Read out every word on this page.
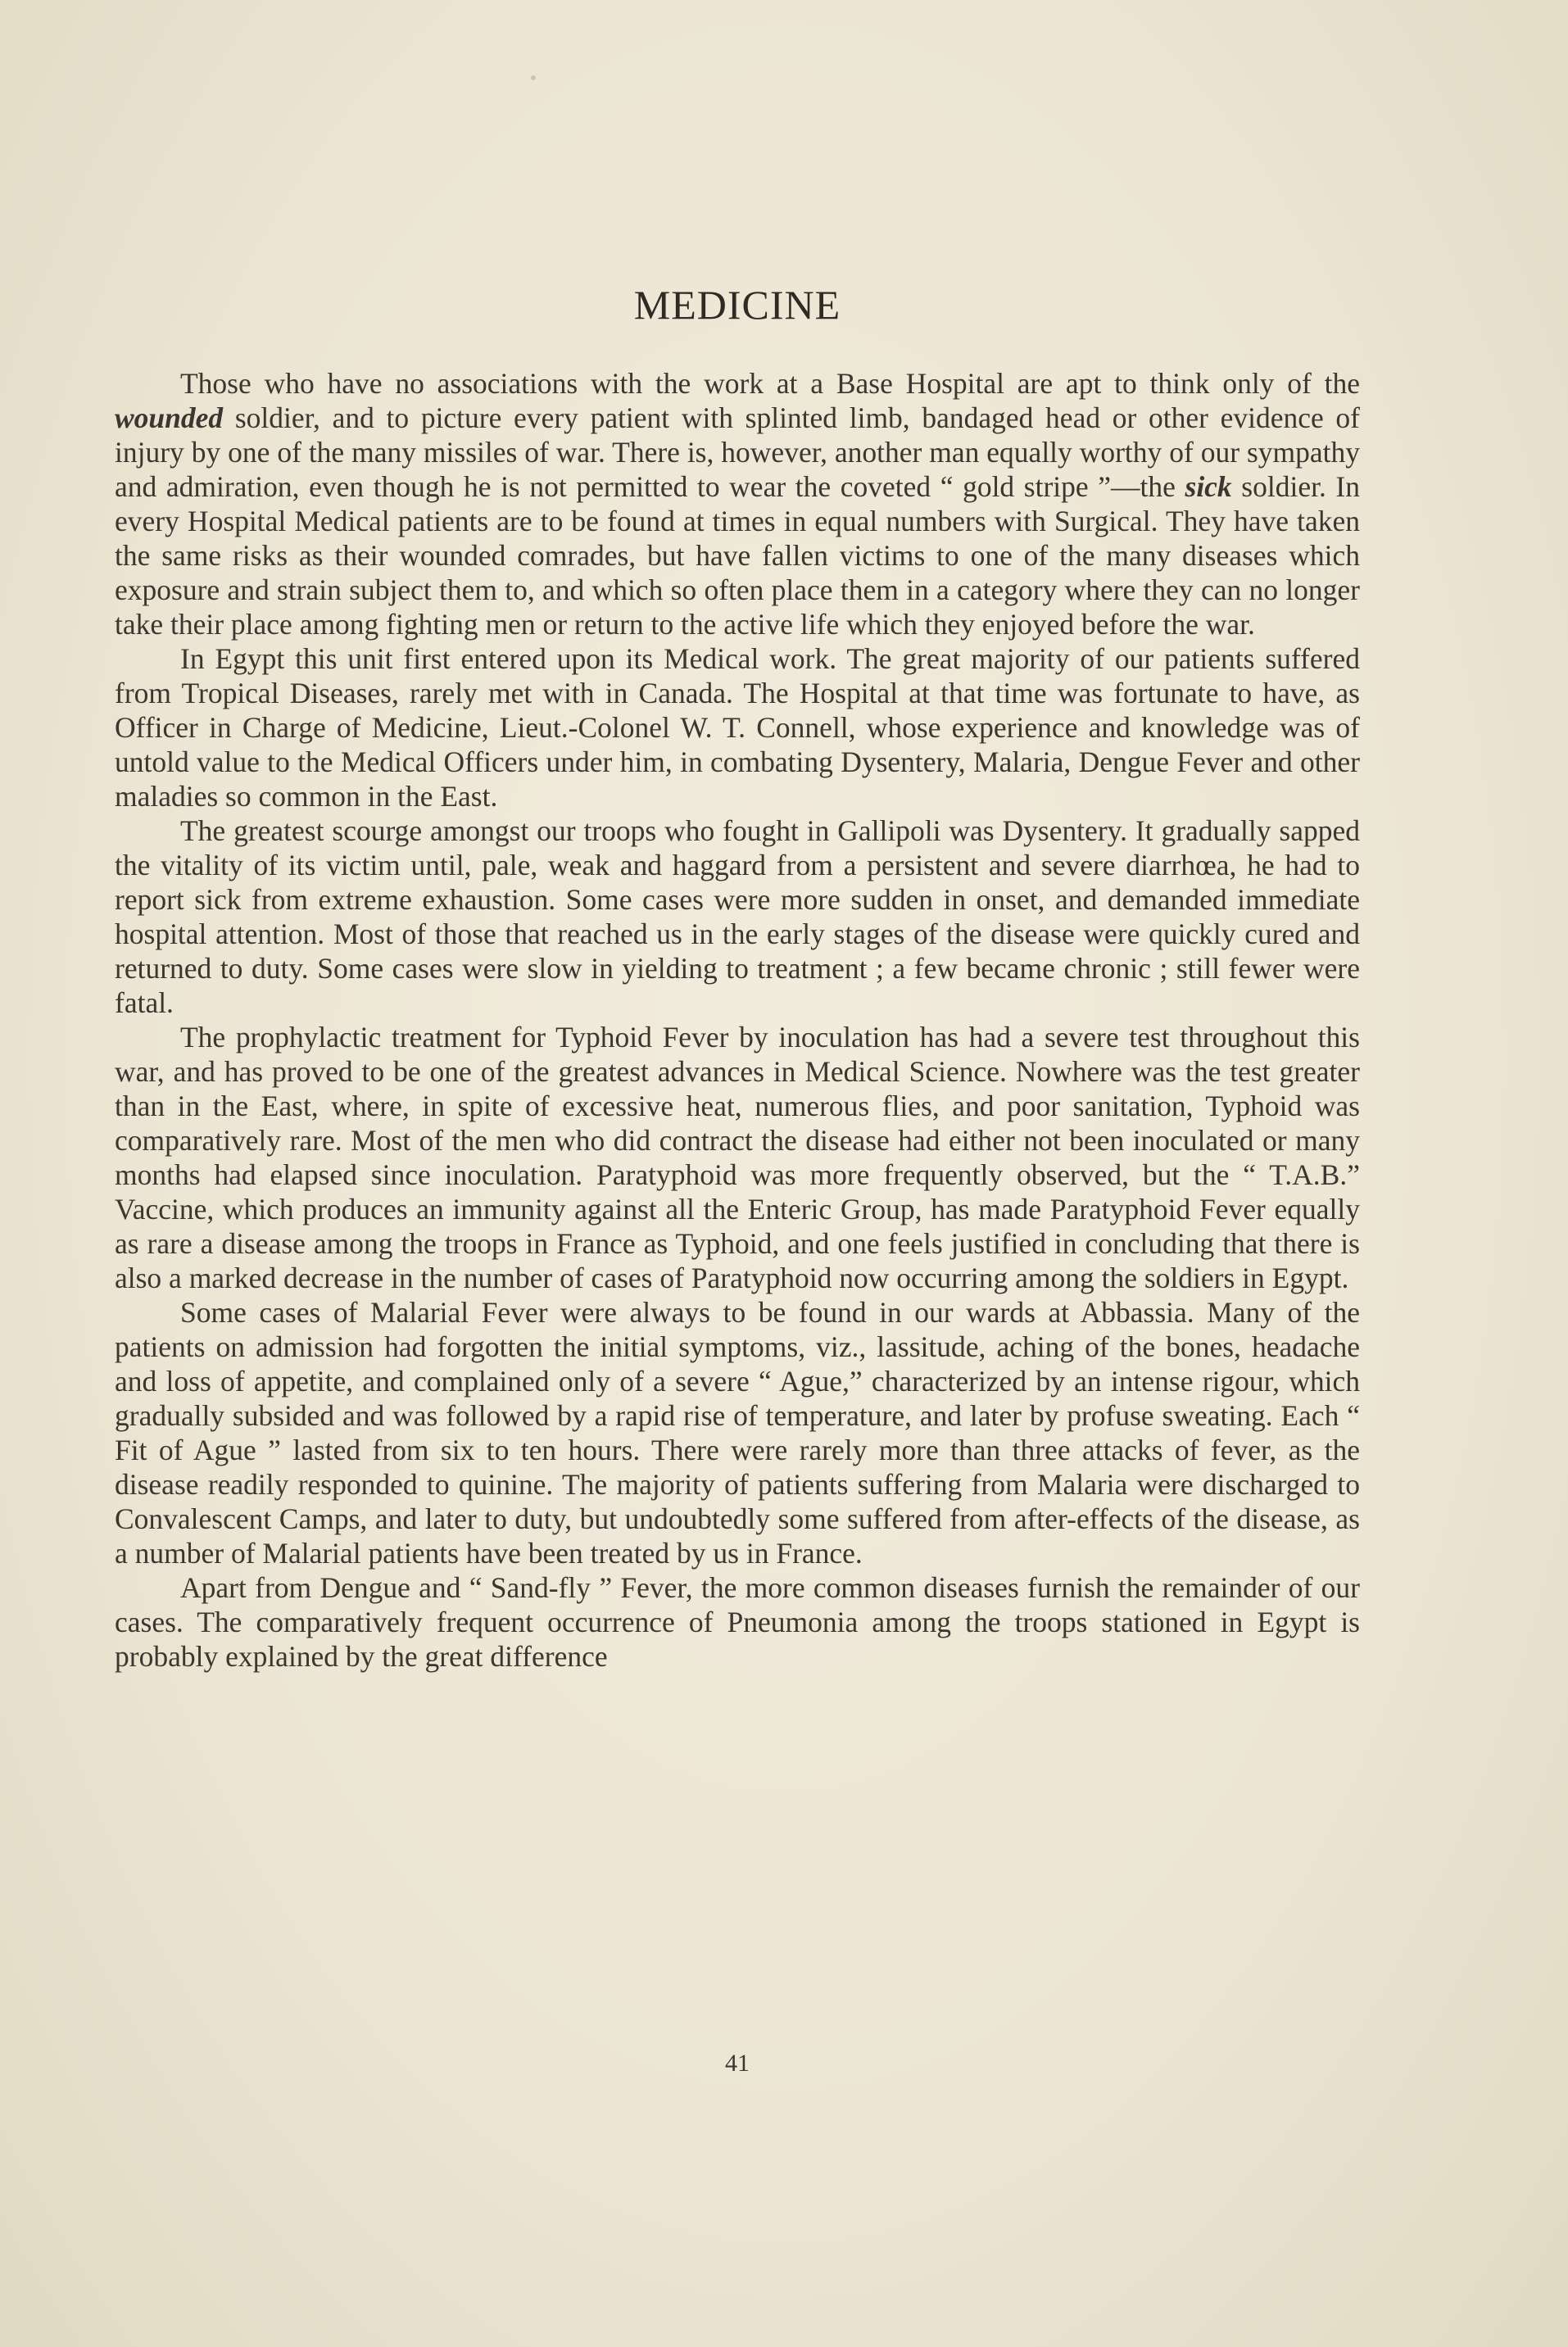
MEDICINE

Those who have no associations with the work at a Base Hospital are apt to think only of the wounded soldier, and to picture every patient with splinted limb, bandaged head or other evidence of injury by one of the many missiles of war. There is, however, another man equally worthy of our sympathy and admiration, even though he is not permitted to wear the coveted “ gold stripe ”—the sick soldier. In every Hospital Medical patients are to be found at times in equal numbers with Surgical. They have taken the same risks as their wounded comrades, but have fallen victims to one of the many diseases which exposure and strain subject them to, and which so often place them in a category where they can no longer take their place among fighting men or return to the active life which they enjoyed before the war.

In Egypt this unit first entered upon its Medical work. The great majority of our patients suffered from Tropical Diseases, rarely met with in Canada. The Hospital at that time was fortunate to have, as Officer in Charge of Medicine, Lieut.-Colonel W. T. Connell, whose experience and knowledge was of untold value to the Medical Officers under him, in combating Dysentery, Malaria, Dengue Fever and other maladies so common in the East.

The greatest scourge amongst our troops who fought in Gallipoli was Dysentery. It gradually sapped the vitality of its victim until, pale, weak and haggard from a persistent and severe diarrhœa, he had to report sick from extreme exhaustion. Some cases were more sudden in onset, and demanded immediate hospital attention. Most of those that reached us in the early stages of the disease were quickly cured and returned to duty. Some cases were slow in yielding to treatment ; a few became chronic ; still fewer were fatal.

The prophylactic treatment for Typhoid Fever by inoculation has had a severe test throughout this war, and has proved to be one of the greatest advances in Medical Science. Nowhere was the test greater than in the East, where, in spite of excessive heat, numerous flies, and poor sanitation, Typhoid was comparatively rare. Most of the men who did contract the disease had either not been inoculated or many months had elapsed since inoculation. Paratyphoid was more frequently observed, but the “ T.A.B.” Vaccine, which produces an immunity against all the Enteric Group, has made Paratyphoid Fever equally as rare a disease among the troops in France as Typhoid, and one feels justified in concluding that there is also a marked decrease in the number of cases of Paratyphoid now occurring among the soldiers in Egypt.

Some cases of Malarial Fever were always to be found in our wards at Abbassia. Many of the patients on admission had forgotten the initial symptoms, viz., lassitude, aching of the bones, headache and loss of appetite, and complained only of a severe “ Ague,” characterized by an intense rigour, which gradually subsided and was followed by a rapid rise of temperature, and later by profuse sweating. Each “ Fit of Ague ” lasted from six to ten hours. There were rarely more than three attacks of fever, as the disease readily responded to quinine. The majority of patients suffering from Malaria were discharged to Convalescent Camps, and later to duty, but undoubtedly some suffered from after-effects of the disease, as a number of Malarial patients have been treated by us in France.

Apart from Dengue and “ Sand-fly ” Fever, the more common diseases furnish the remainder of our cases. The comparatively frequent occurrence of Pneumonia among the troops stationed in Egypt is probably explained by the great difference

41
